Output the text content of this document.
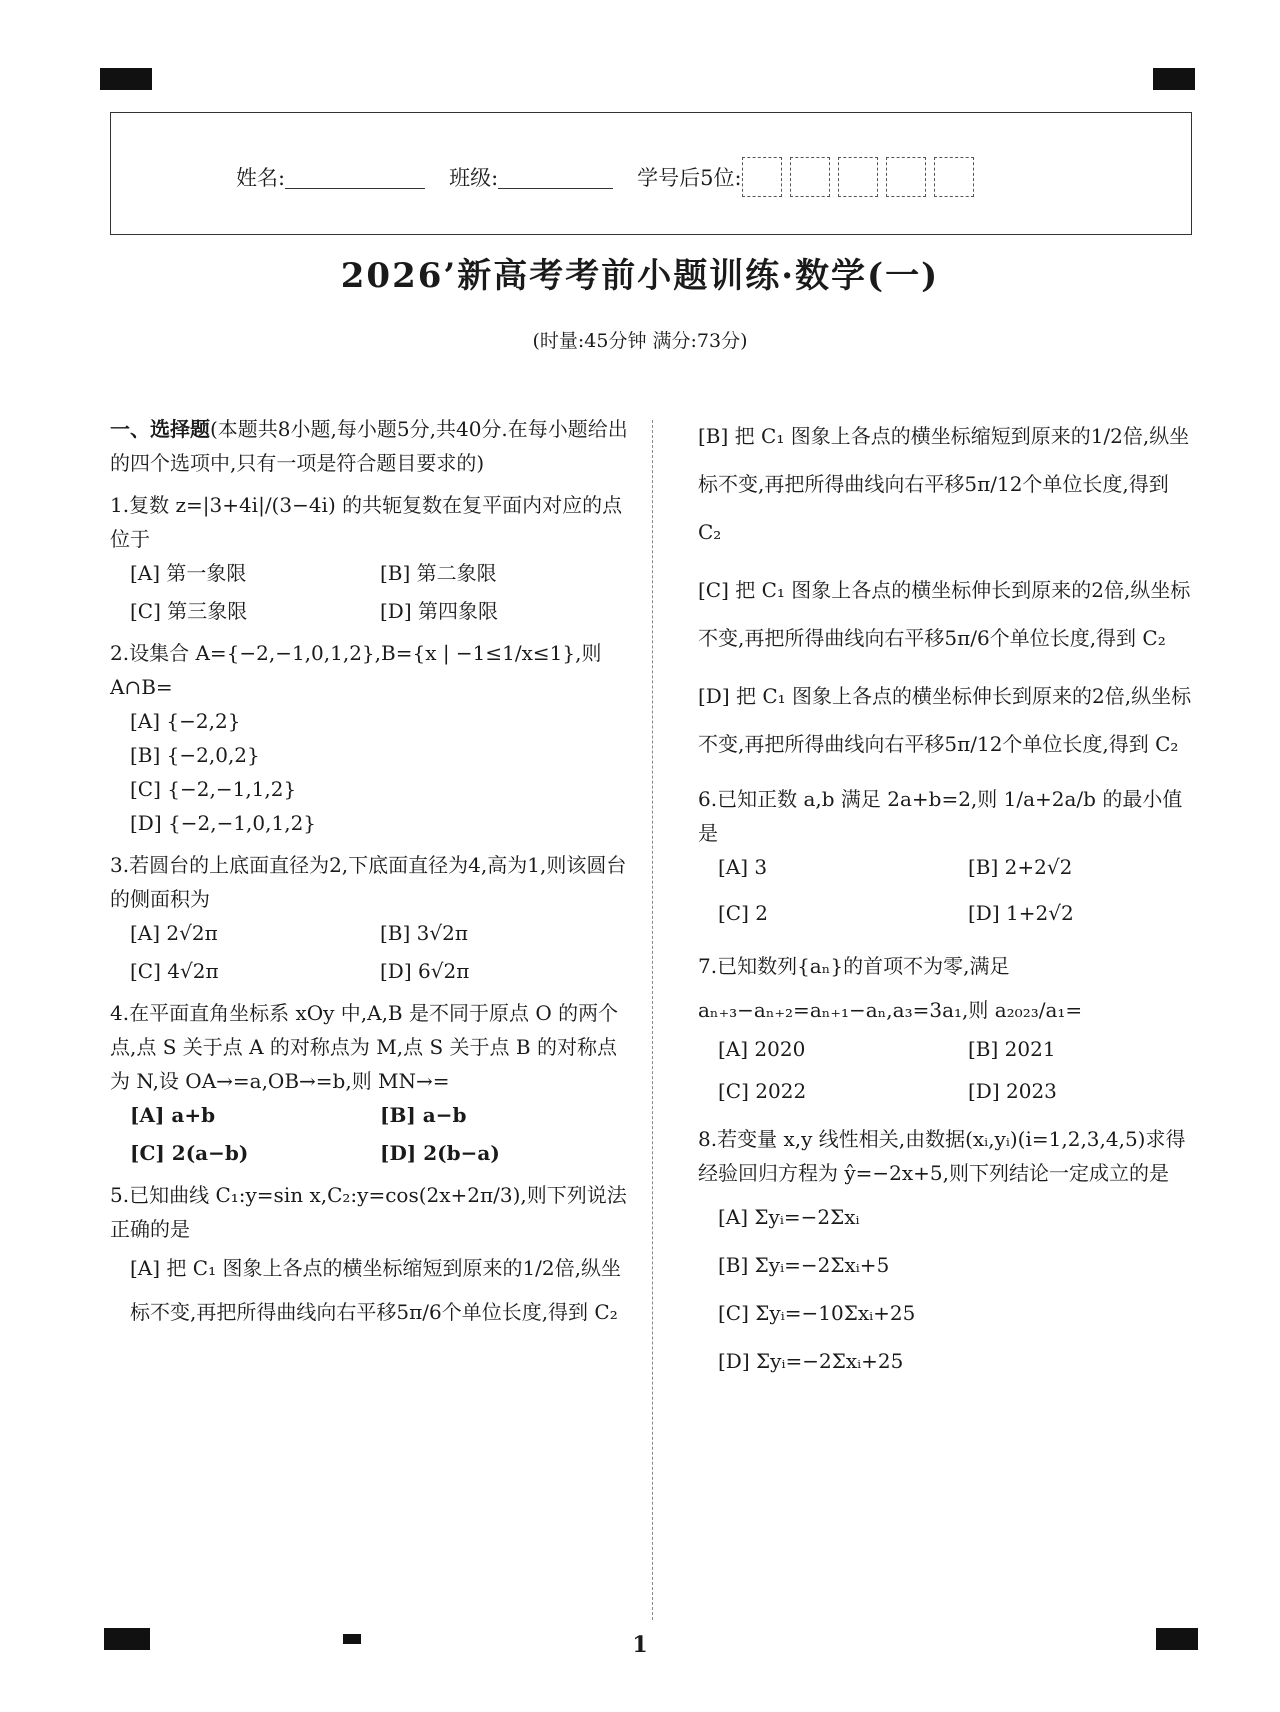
姓名:	班级:	学号后5位:
2026’新高考考前小题训练·数学(一)
(时量:45分钟 满分:73分)
一、选择题(本题共8小题,每小题5分,共40分.在每小题给出的四个选项中,只有一项是符合题目要求的)
1.复数 z=|3+4i|/(3−4i) 的共轭复数在复平面内对应的点位于
[A] 第一象限	[B] 第二象限
[C] 第三象限	[D] 第四象限
2.设集合 A={−2,−1,0,1,2},B={x | −1≤1/x≤1},则 A∩B=
[A] {−2,2}
[B] {−2,0,2}
[C] {−2,−1,1,2}
[D] {−2,−1,0,1,2}
3.若圆台的上底面直径为2,下底面直径为4,高为1,则该圆台的侧面积为
[A] 2√2π	[B] 3√2π
[C] 4√2π	[D] 6√2π
4.在平面直角坐标系 xOy 中,A,B 是不同于原点 O 的两个点,点 S 关于点 A 的对称点为 M,点 S 关于点 B 的对称点为 N,设 OA→=a,OB→=b,则 MN→=
[A] a+b	[B] a−b
[C] 2(a−b)	[D] 2(b−a)
5.已知曲线 C₁:y=sin x,C₂:y=cos(2x+2π/3),则下列说法正确的是
[A] 把 C₁ 图象上各点的横坐标缩短到原来的1/2倍,纵坐标不变,再把所得曲线向右平移5π/6个单位长度,得到 C₂
[B] 把 C₁ 图象上各点的横坐标缩短到原来的1/2倍,纵坐标不变,再把所得曲线向右平移5π/12个单位长度,得到 C₂
[C] 把 C₁ 图象上各点的横坐标伸长到原来的2倍,纵坐标不变,再把所得曲线向右平移5π/6个单位长度,得到 C₂
[D] 把 C₁ 图象上各点的横坐标伸长到原来的2倍,纵坐标不变,再把所得曲线向右平移5π/12个单位长度,得到 C₂
6.已知正数 a,b 满足 2a+b=2,则 1/a+2a/b 的最小值是
[A] 3	[B] 2+2√2
[C] 2	[D] 1+2√2
7.已知数列{aₙ}的首项不为零,满足 aₙ₊₃−aₙ₊₂=aₙ₊₁−aₙ,a₃=3a₁,则 a₂₀₂₃/a₁=
[A] 2020	[B] 2021
[C] 2022	[D] 2023
8.若变量 x,y 线性相关,由数据(xᵢ,yᵢ)(i=1,2,3,4,5)求得经验回归方程为 ŷ=−2x+5,则下列结论一定成立的是
[A] Σyᵢ=−2Σxᵢ
[B] Σyᵢ=−2Σxᵢ+5
[C] Σyᵢ=−10Σxᵢ+25
[D] Σyᵢ=−2Σxᵢ+25
1
